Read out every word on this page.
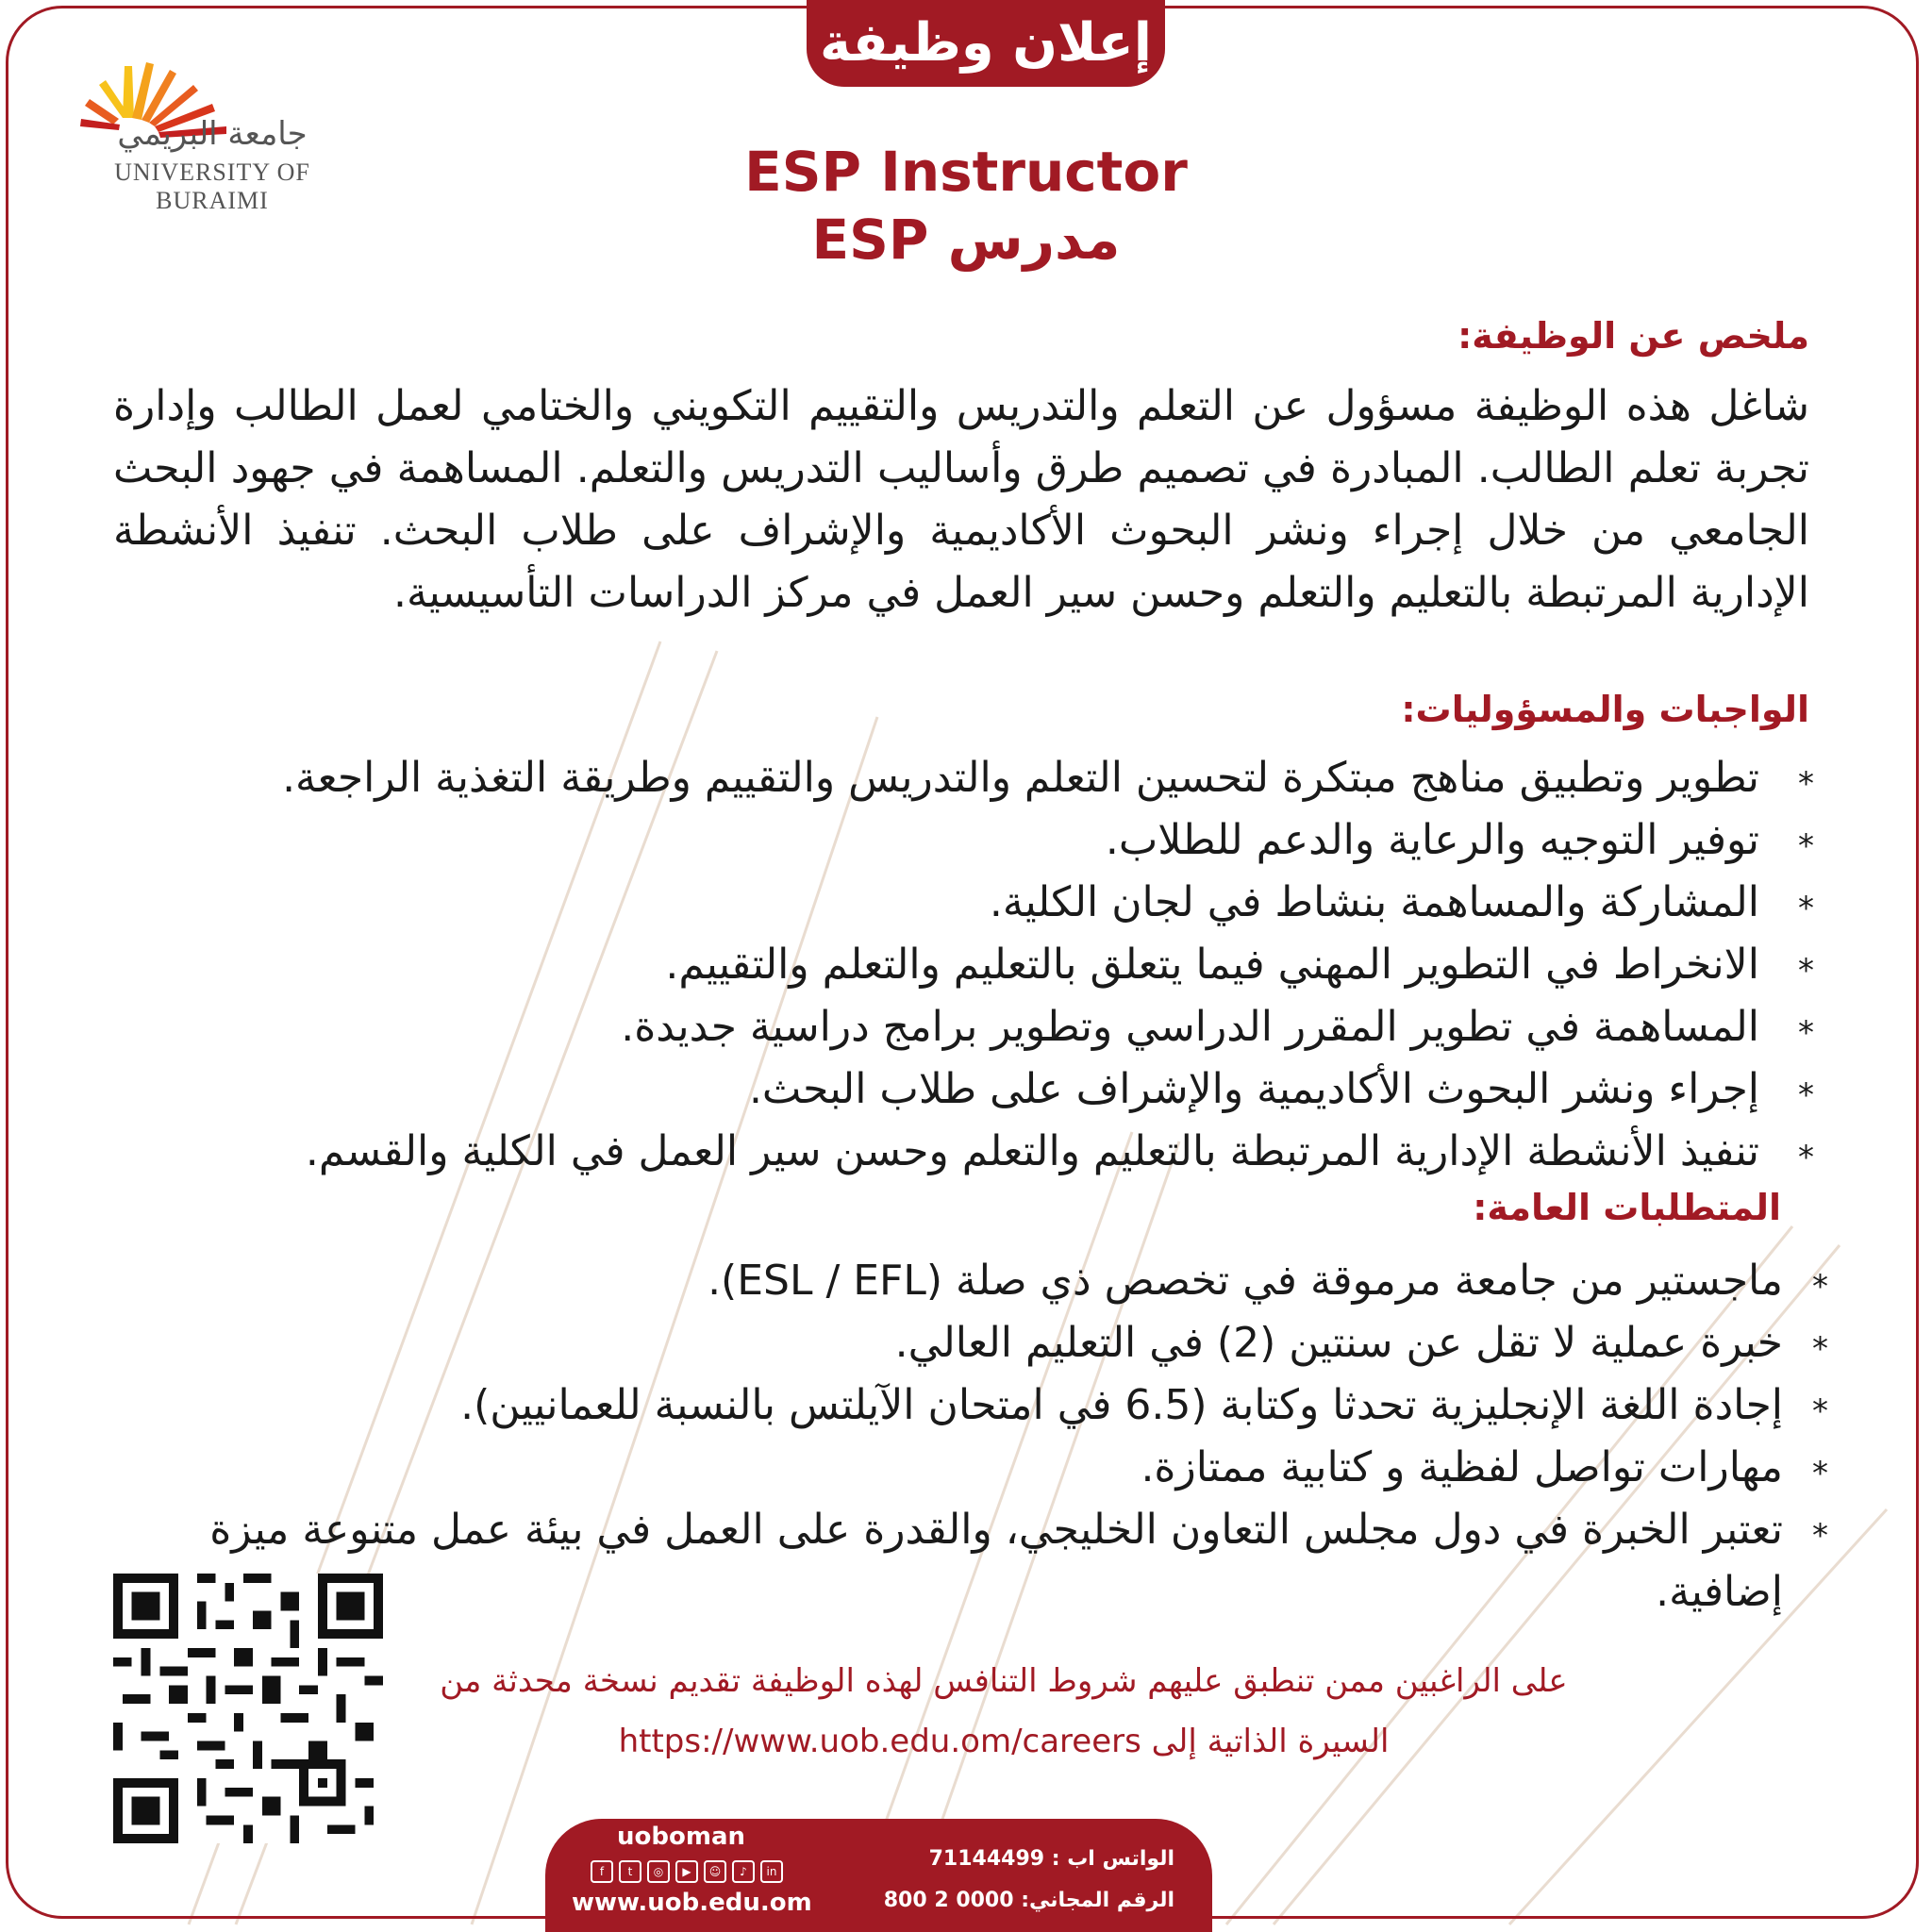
إعلان وظيفة
جامعة البريمي
UNIVERSITY OF BURAIMI	ESP Instructor
مدرس ESP
ملخص عن الوظيفة:
شاغل هذه الوظيفة مسؤول عن التعلم والتدريس والتقييم التكويني والختامي لعمل الطالب وإدارة تجربة تعلم الطالب. المبادرة في تصميم طرق وأساليب التدريس والتعلم. المساهمة في جهود البحث الجامعي من خلال إجراء ونشر البحوث الأكاديمية والإشراف على طلاب البحث. تنفيذ الأنشطة الإدارية المرتبطة بالتعليم والتعلم وحسن سير العمل في مركز الدراسات التأسيسية.
الواجبات والمسؤوليات:
*
تطوير وتطبيق مناهج مبتكرة لتحسين التعلم والتدريس والتقييم وطريقة التغذية الراجعة.
*
توفير التوجيه والرعاية والدعم للطلاب.
*
المشاركة والمساهمة بنشاط في لجان الكلية.
*
الانخراط في التطوير المهني فيما يتعلق بالتعليم والتعلم والتقييم.
*
المساهمة في تطوير المقرر الدراسي وتطوير برامج دراسية جديدة.
*
إجراء ونشر البحوث الأكاديمية والإشراف على طلاب البحث.
*
تنفيذ الأنشطة الإدارية المرتبطة بالتعليم والتعلم وحسن سير العمل في الكلية والقسم.
المتطلبات العامة:
*
ماجستير من جامعة مرموقة في تخصص ذي صلة (ESL / EFL).
*
خبرة عملية لا تقل عن سنتين (2) في التعليم العالي.
*
إجادة اللغة الإنجليزية تحدثا وكتابة (6.5 في امتحان الآيلتس بالنسبة للعمانيين).
*
مهارات تواصل لفظية و كتابية ممتازة.
*
تعتبر الخبرة في دول مجلس التعاون الخليجي، والقدرة على العمل في بيئة عمل متنوعة ميزة إضافية.
على الراغبين ممن تنطبق عليهم شروط التنافس لهذه الوظيفة تقديم نسخة محدثة من
السيرة الذاتية إلى https://www.uob.edu.om/careers
uoboman
f	t	◎	▶	☺	♪	in
www.uob.edu.om
الواتس اب : 71144499
الرقم المجاني: 0000 2 800
